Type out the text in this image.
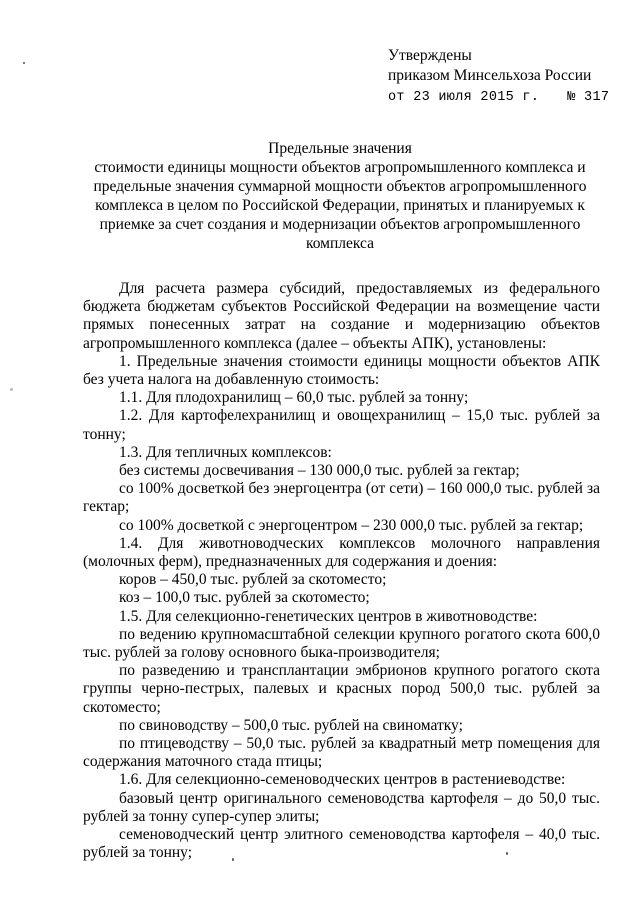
Утверждены
приказом Минсельхоза России
от 23 июля 2015 г. № 317
Предельные значения
стоимости единицы мощности объектов агропромышленного комплекса и предельные значения суммарной мощности объектов агропромышленного комплекса в целом по Российской Федерации, принятых и планируемых к приемке за счет создания и модернизации объектов агропромышленного комплекса

Для расчета размера субсидий, предоставляемых из федерального бюджета бюджетам субъектов Российской Федерации на возмещение части прямых понесенных затрат на создание и модернизацию объектов агропромышленного комплекса (далее – объекты АПК), установлены:

1. Предельные значения стоимости единицы мощности объектов АПК без учета налога на добавленную стоимость:

1.1. Для плодохранилищ – 60,0 тыс. рублей за тонну;

1.2. Для картофелехранилищ и овощехранилищ – 15,0 тыс. рублей за тонну;

1.3. Для тепличных комплексов:

без системы досвечивания – 130 000,0 тыс. рублей за гектар;

со 100% досветкой без энергоцентра (от сети) – 160 000,0 тыс. рублей за гектар;

со 100% досветкой с энергоцентром – 230 000,0 тыс. рублей за гектар;

1.4. Для животноводческих комплексов молочного направления (молочных ферм), предназначенных для содержания и доения:

коров – 450,0 тыс. рублей за скотоместо;

коз – 100,0 тыс. рублей за скотоместо;

1.5. Для селекционно-генетических центров в животноводстве:

по ведению крупномасштабной селекции крупного рогатого скота 600,0 тыс. рублей за голову основного быка-производителя;

по разведению и трансплантации эмбрионов крупного рогатого скота группы черно-пестрых, палевых и красных пород 500,0 тыс. рублей за скотоместо;

по свиноводству – 500,0 тыс. рублей на свиноматку;

по птицеводству – 50,0 тыс. рублей за квадратный метр помещения для содержания маточного стада птицы;

1.6. Для селекционно-семеноводческих центров в растениеводстве:

базовый центр оригинального семеноводства картофеля – до 50,0 тыс. рублей за тонну супер-супер элиты;

семеноводческий центр элитного семеноводства картофеля – 40,0 тыс. рублей за тонну;
